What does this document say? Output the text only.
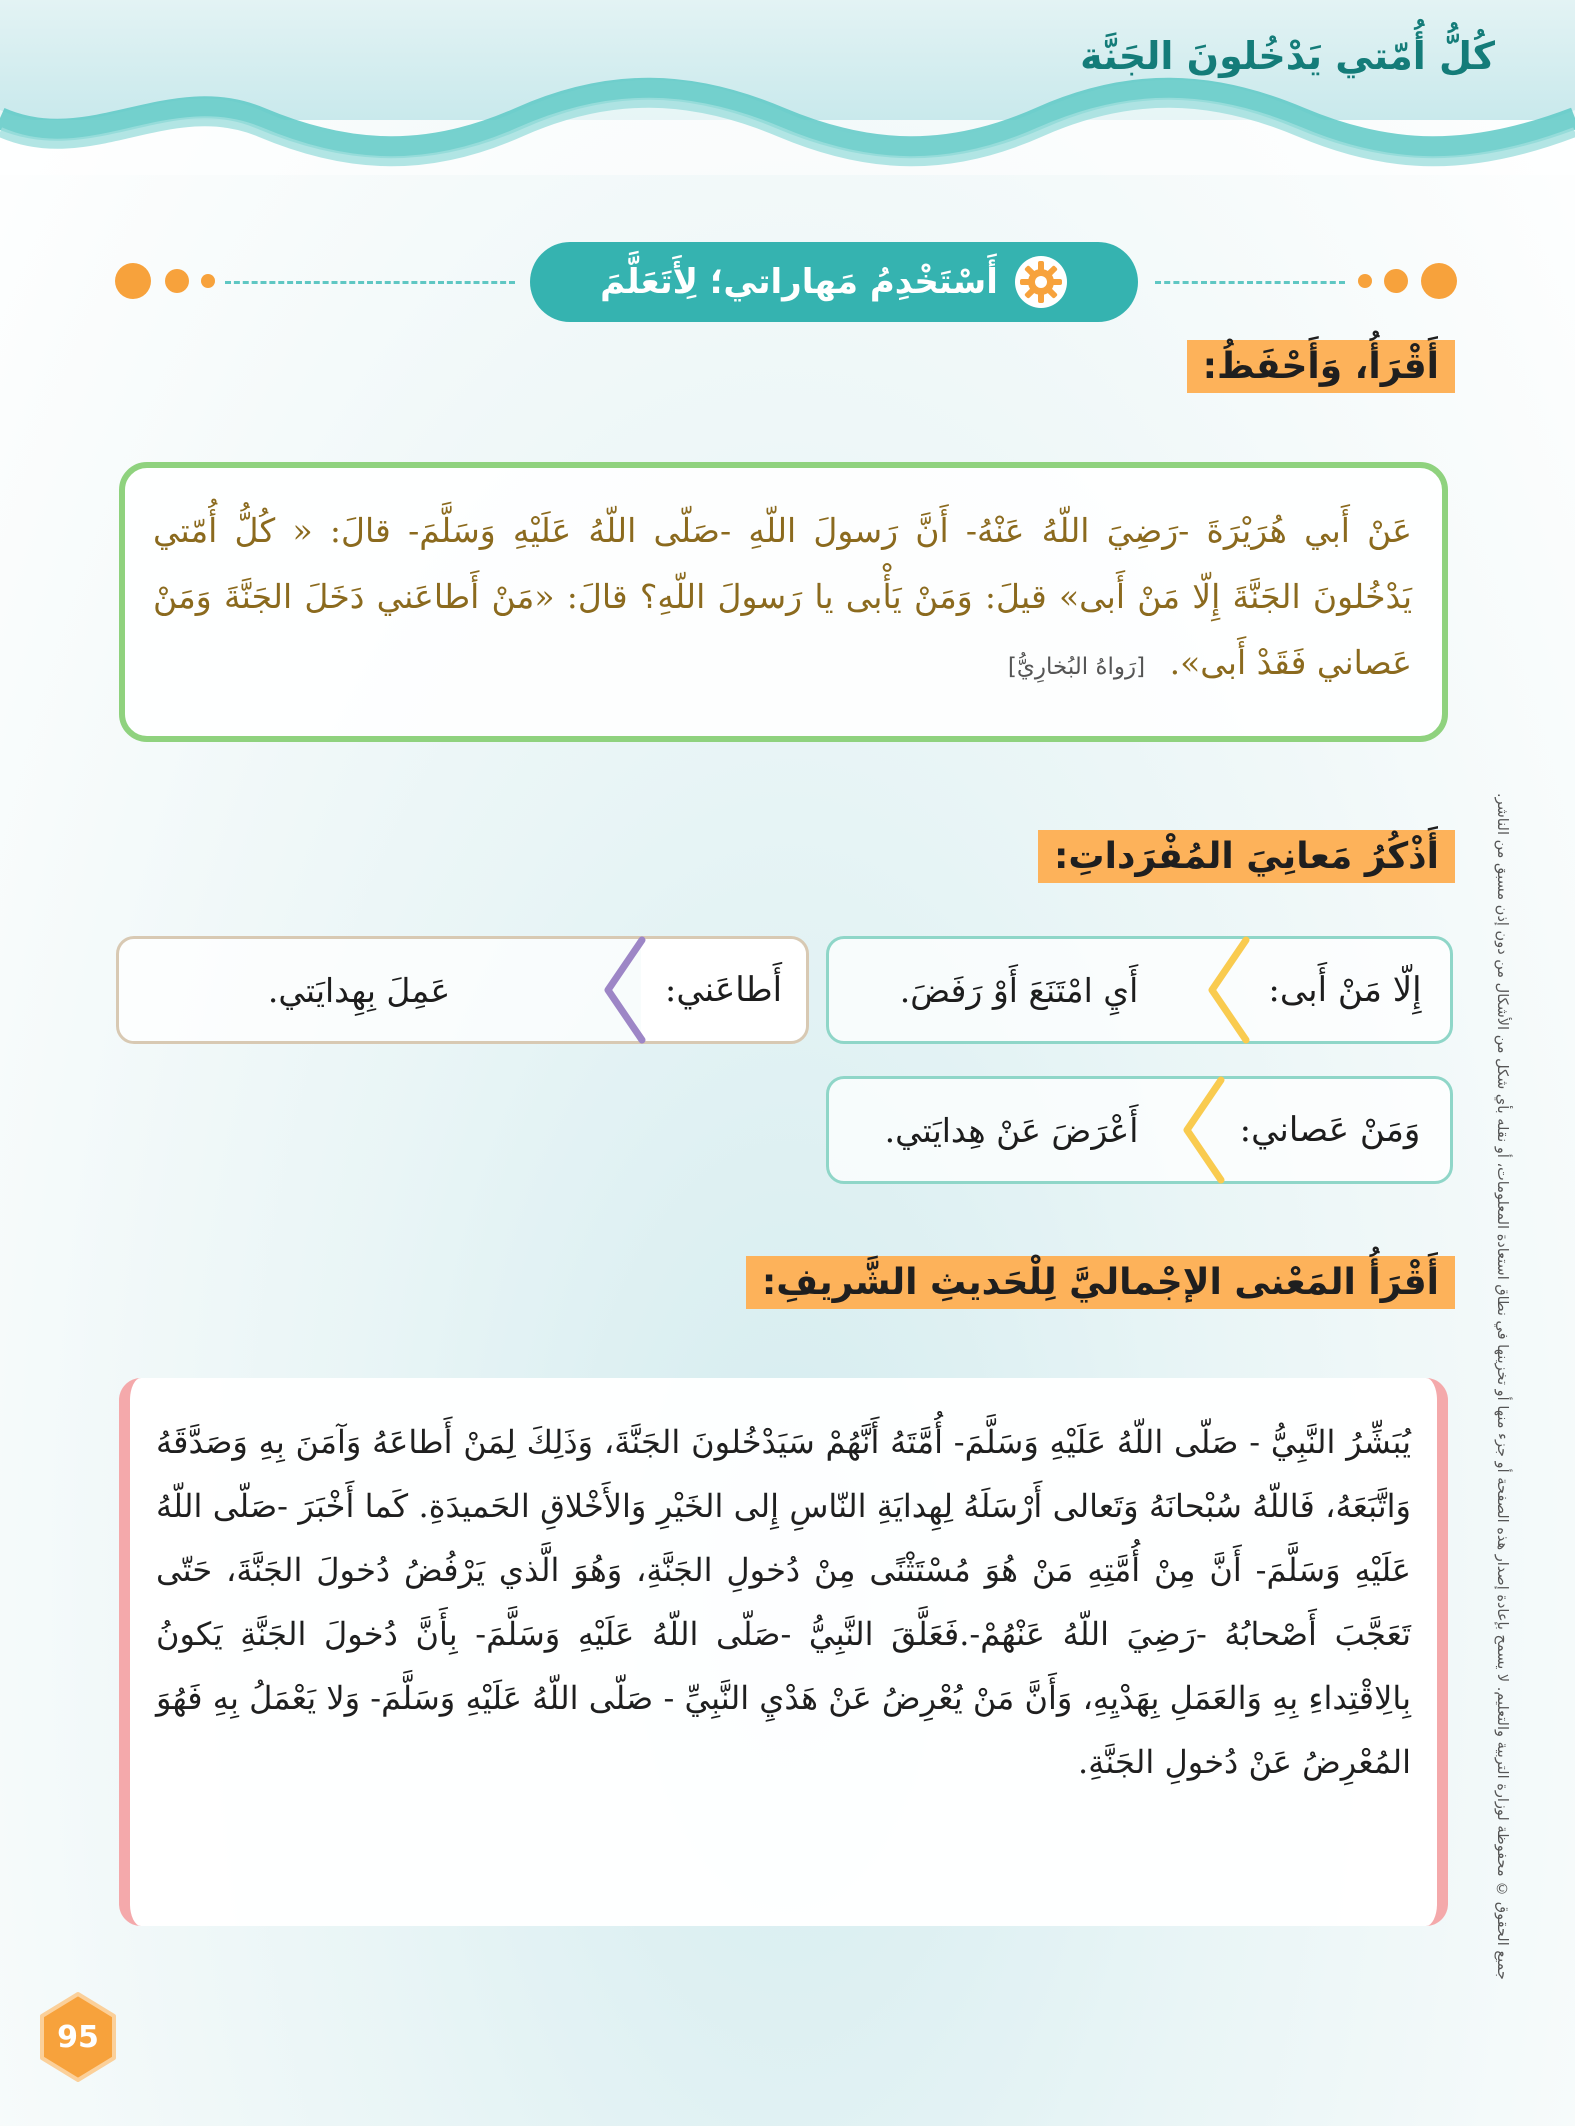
كُلُّ أُمّتي يَدْخُلونَ الجَنَّة
أَسْتَخْدِمُ مَهاراتي؛ لِأَتَعَلَّمَ
أَقْرَأُ، وَأَحْفَظُ:
عَنْ أَبي هُرَيْرَةَ -رَضِيَ اللّهُ عَنْهُ- أَنَّ رَسولَ اللّهِ -صَلّى اللّهُ عَلَيْهِ وَسَلَّمَ- قالَ: « كُلُّ أُمّتي يَدْخُلونَ الجَنَّةَ إِلّا مَنْ أَبى» قيلَ: وَمَنْ يَأْبى يا رَسولَ اللّهِ؟ قالَ: «مَنْ أَطاعَني دَخَلَ الجَنَّةَ وَمَنْ عَصاني فَقَدْ أَبى». [رَواهُ البُخارِيُّ]
أَذْكُرُ مَعانِيَ المُفْرَداتِ:
إِلّا مَنْ أَبى:
أَيِ امْتَنَعَ أَوْ رَفَضَ.
أَطاعَني:
عَمِلَ بِهِدايَتي.
وَمَنْ عَصاني:
أَعْرَضَ عَنْ هِدايَتي.
أَقْرَأُ المَعْنى الإجْماليَّ لِلْحَديثِ الشَّريفِ:
يُبَشِّرُ النَّبِيُّ - صَلّى اللّهُ عَلَيْهِ وَسَلَّمَ- أُمَّتَهُ أَنَّهُمْ سَيَدْخُلونَ الجَنَّةَ، وَذَلِكَ لِمَنْ أَطاعَهُ وَآمَنَ بِهِ وَصَدَّقَهُ وَاتَّبَعَهُ، فَاللّهُ سُبْحانَهُ وَتَعالى أَرْسَلَهُ لِهِدايَةِ النّاسِ إِلى الخَيْرِ وَالأَخْلاقِ الحَميدَةِ. كَما أَخْبَرَ -صَلّى اللّهُ عَلَيْهِ وَسَلَّمَ- أَنَّ مِنْ أُمَّتِهِ مَنْ هُوَ مُسْتَثْنًى مِنْ دُخولِ الجَنَّةِ، وَهُوَ الَّذي يَرْفُضُ دُخولَ الجَنَّةَ، حَتّى تَعَجَّبَ أَصْحابُهُ -رَضِيَ اللّهُ عَنْهُمْ-.فَعَلَّقَ النَّبِيُّ -صَلّى اللّهُ عَلَيْهِ وَسَلَّمَ- بِأَنَّ دُخولَ الجَنَّةِ يَكونُ بِالِاقْتِداءِ بِهِ وَالعَمَلِ بِهَدْيِهِ، وَأَنَّ مَنْ يُعْرِضُ عَنْ هَدْيِ النَّبِيِّ - صَلّى اللّهُ عَلَيْهِ وَسَلَّمَ- وَلا يَعْمَلُ بِهِ فَهُوَ المُعْرِضُ عَنْ دُخولِ الجَنَّةِ.	جميع الحقوق © محفوظة لوزارة التربية والتعليم. لا يسمح بإعادة إصدار هذه الصفحة أو جزء منها أو تخزينها في نطاق استعادة المعلومات، أو نقله بأي شكل من الأشكال من دون إذن مسبق من الناشر.
95
